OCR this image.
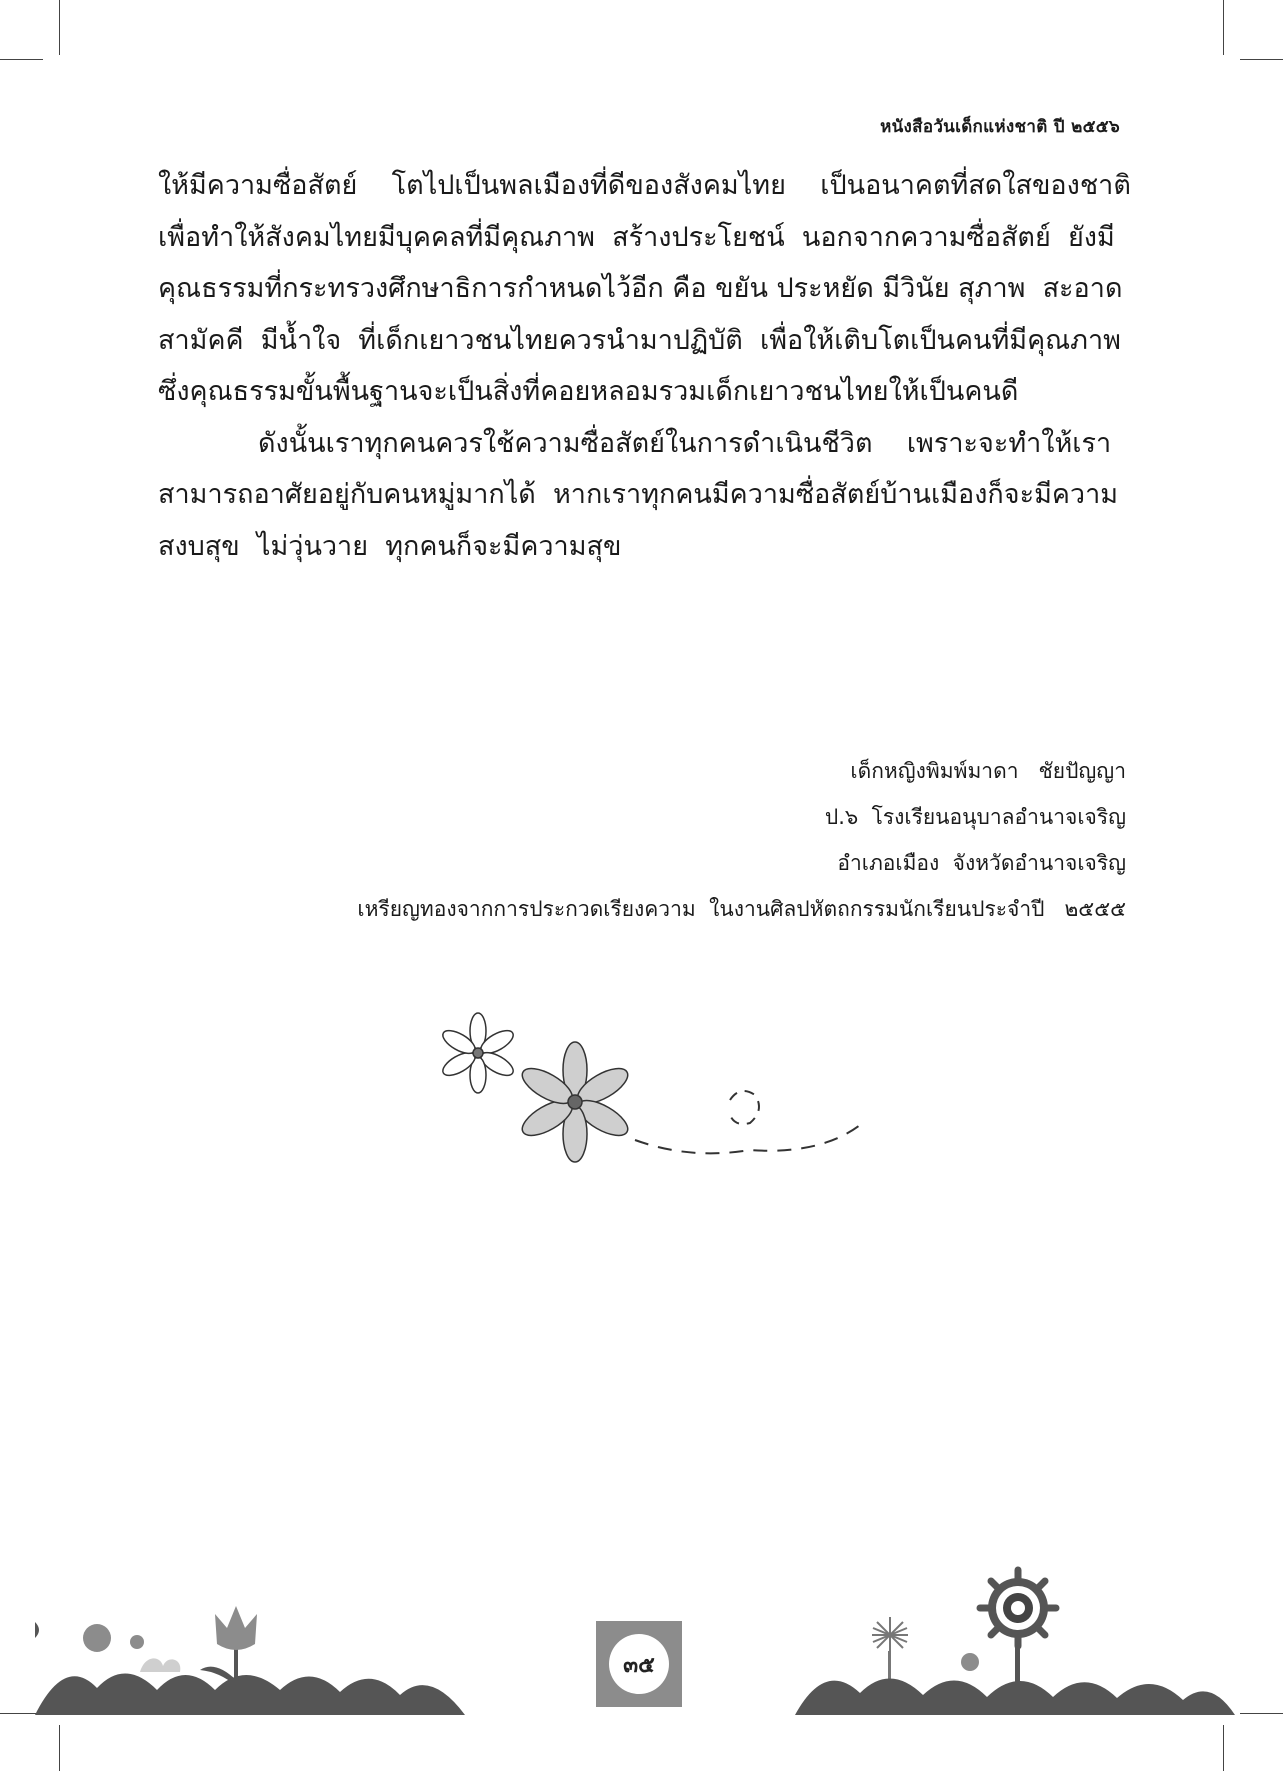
หนังสือวันเด็กแห่งชาติ ปี ๒๕๕๖
ให้มีความซื่อสัตย์    โตไปเป็นพลเมืองที่ดีของสังคมไทย    เป็นอนาคตที่สดใสของชาติ
เพื่อทำให้สังคมไทยมีบุคคลที่มีคุณภาพ  สร้างประโยชน์  นอกจากความซื่อสัตย์  ยังมี
คุณธรรมที่กระทรวงศึกษาธิการกำหนดไว้อีก คือ ขยัน ประหยัด มีวินัย สุภาพ  สะอาด
สามัคคี  มีน้ำใจ  ที่เด็กเยาวชนไทยควรนำมาปฏิบัติ  เพื่อให้เติบโตเป็นคนที่มีคุณภาพ
ซึ่งคุณธรรมขั้นพื้นฐานจะเป็นสิ่งที่คอยหลอมรวมเด็กเยาวชนไทยให้เป็นคนดี
ดังนั้นเราทุกคนควรใช้ความซื่อสัตย์ในการดำเนินชีวิต    เพราะจะทำให้เรา
สามารถอาศัยอยู่กับคนหมู่มากได้  หากเราทุกคนมีความซื่อสัตย์บ้านเมืองก็จะมีความ
สงบสุข  ไม่วุ่นวาย  ทุกคนก็จะมีความสุข
เด็กหญิงพิมพ์มาดา   ชัยปัญญา
ป.๖  โรงเรียนอนุบาลอำนาจเจริญ
อำเภอเมือง  จังหวัดอำนาจเจริญ
เหรียญทองจากการประกวดเรียงความ  ในงานศิลปหัตถกรรมนักเรียนประจำปี   ๒๕๕๕
๓๕
